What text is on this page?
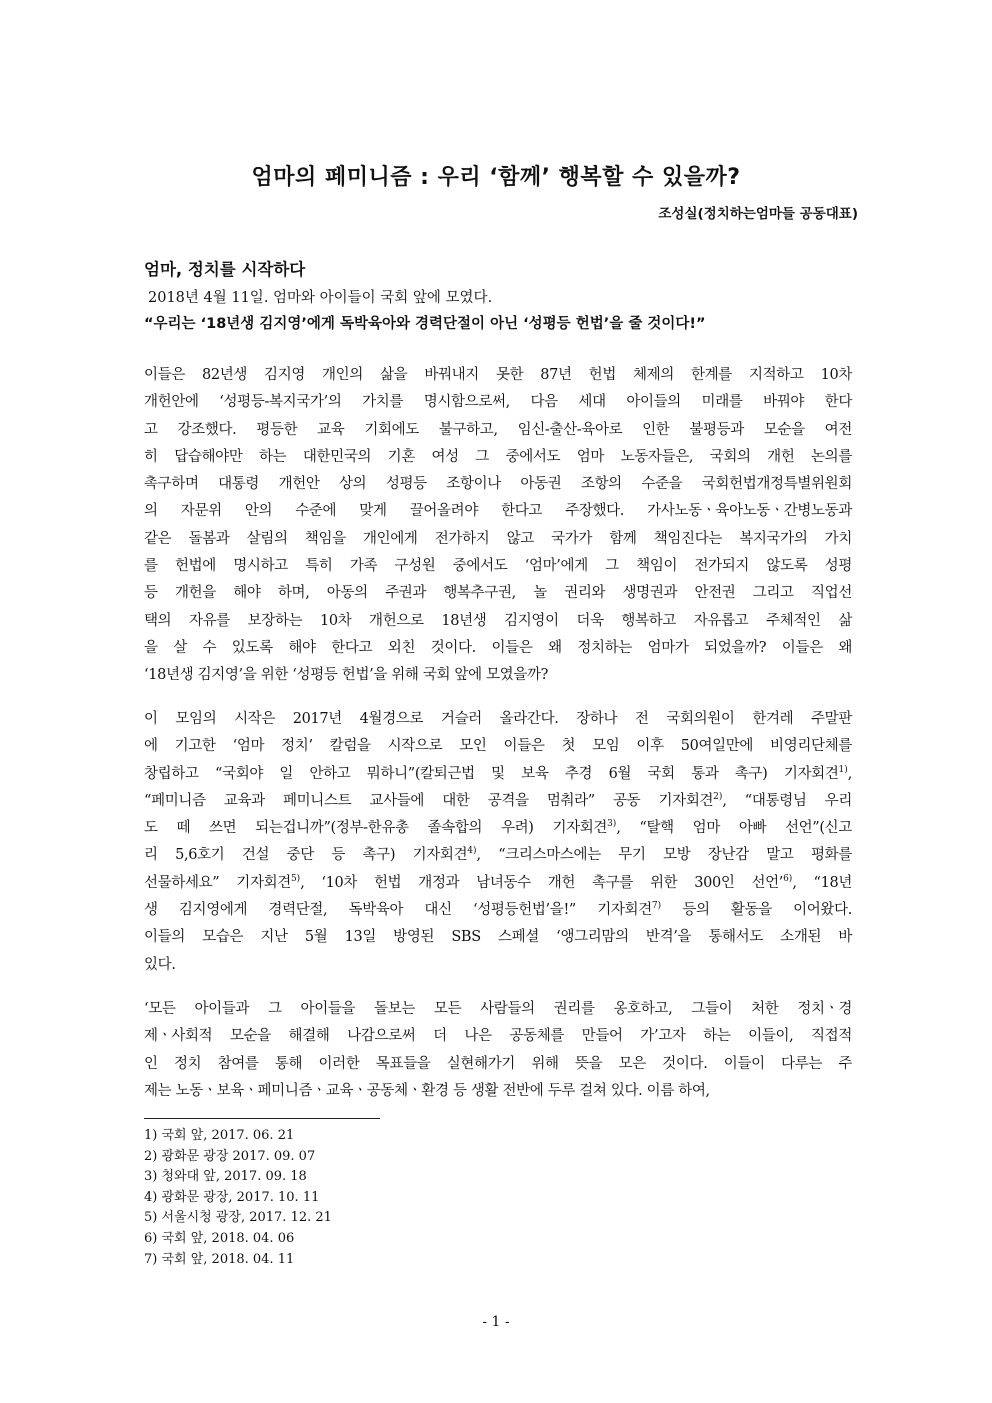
엄마의 페미니즘 : 우리 ‘함께’ 행복할 수 있을까?
조성실(정치하는엄마들 공동대표)
엄마, 정치를 시작하다
2018년 4월 11일. 엄마와 아이들이 국회 앞에 모였다.
“우리는 ‘18년생 김지영’에게 독박육아와 경력단절이 아닌 ‘성평등 헌법’을 줄 것이다!”
이들은 82년생 김지영 개인의 삶을 바꿔내지 못한 87년 헌법 체제의 한계를 지적하고 10차
개헌안에 ‘성평등-복지국가’의 가치를 명시함으로써, 다음 세대 아이들의 미래를 바꿔야 한다
고 강조했다. 평등한 교육 기회에도 불구하고, 임신-출산-육아로 인한 불평등과 모순을 여전
히 답습해야만 하는 대한민국의 기혼 여성 그 중에서도 엄마 노동자들은, 국회의 개헌 논의를
촉구하며 대통령 개헌안 상의 성평등 조항이나 아동권 조항의 수준을 국회헌법개정특별위원회
의 자문위 안의 수준에 맞게 끌어올려야 한다고 주장했다. 가사노동ㆍ육아노동ㆍ간병노동과
같은 돌봄과 살림의 책임을 개인에게 전가하지 않고 국가가 함께 책임진다는 복지국가의 가치
를 헌법에 명시하고 특히 가족 구성원 중에서도 ‘엄마’에게 그 책임이 전가되지 않도록 성평
등 개헌을 해야 하며, 아동의 주권과 행복추구권, 놀 권리와 생명권과 안전권 그리고 직업선
택의 자유를 보장하는 10차 개헌으로 18년생 김지영이 더욱 행복하고 자유롭고 주체적인 삶
을 살 수 있도록 해야 한다고 외친 것이다. 이들은 왜 정치하는 엄마가 되었을까? 이들은 왜
‘18년생 김지영’을 위한 ‘성평등 헌법’을 위해 국회 앞에 모였을까?
이 모임의 시작은 2017년 4월경으로 거슬러 올라간다. 장하나 전 국회의원이 한겨레 주말판
에 기고한 ‘엄마 정치’ 칼럼을 시작으로 모인 이들은 첫 모임 이후 50여일만에 비영리단체를
창립하고 “국회야 일 안하고 뭐하니”(칼퇴근법 및 보육 추경 6월 국회 통과 촉구) 기자회견$^{1)}$,
“페미니즘 교육과 페미니스트 교사들에 대한 공격을 멈춰라” 공동 기자회견$^{2)}$, “대통령님 우리
도 떼 쓰면 되는겁니까”(정부-한유총 졸속합의 우려) 기자회견$^{3)}$, “탈핵 엄마 아빠 선언”(신고
리 5,6호기 건설 중단 등 촉구) 기자회견$^{4)}$, “크리스마스에는 무기 모방 장난감 말고 평화를
선물하세요” 기자회견$^{5)}$, ‘10차 헌법 개정과 남녀동수 개헌 촉구를 위한 300인 선언’$^{6)}$, “18년
생 김지영에게 경력단절, 독박육아 대신 ‘성평등헌법’을!” 기자회견$^{7)}$ 등의 활동을 이어왔다.
이들의 모습은 지난 5월 13일 방영된 SBS 스페셜 ‘앵그리맘의 반격’을 통해서도 소개된 바
있다.
‘모든 아이들과 그 아이들을 돌보는 모든 사람들의 권리를 옹호하고, 그들이 처한 정치ㆍ경
제ㆍ사회적 모순을 해결해 나감으로써 더 나은 공동체를 만들어 가’고자 하는 이들이, 직접적
인 정치 참여를 통해 이러한 목표들을 실현해가기 위해 뜻을 모은 것이다. 이들이 다루는 주
제는 노동ㆍ보육ㆍ페미니즘ㆍ교육ㆍ공동체ㆍ환경 등 생활 전반에 두루 걸쳐 있다. 이름 하여,
1) 국회 앞, 2017. 06. 21
2) 광화문 광장 2017. 09. 07
3) 청와대 앞, 2017. 09. 18
4) 광화문 광장, 2017. 10. 11
5) 서울시청 광장, 2017. 12. 21
6) 국회 앞, 2018. 04. 06
7) 국회 앞, 2018. 04. 11
- 1 -
